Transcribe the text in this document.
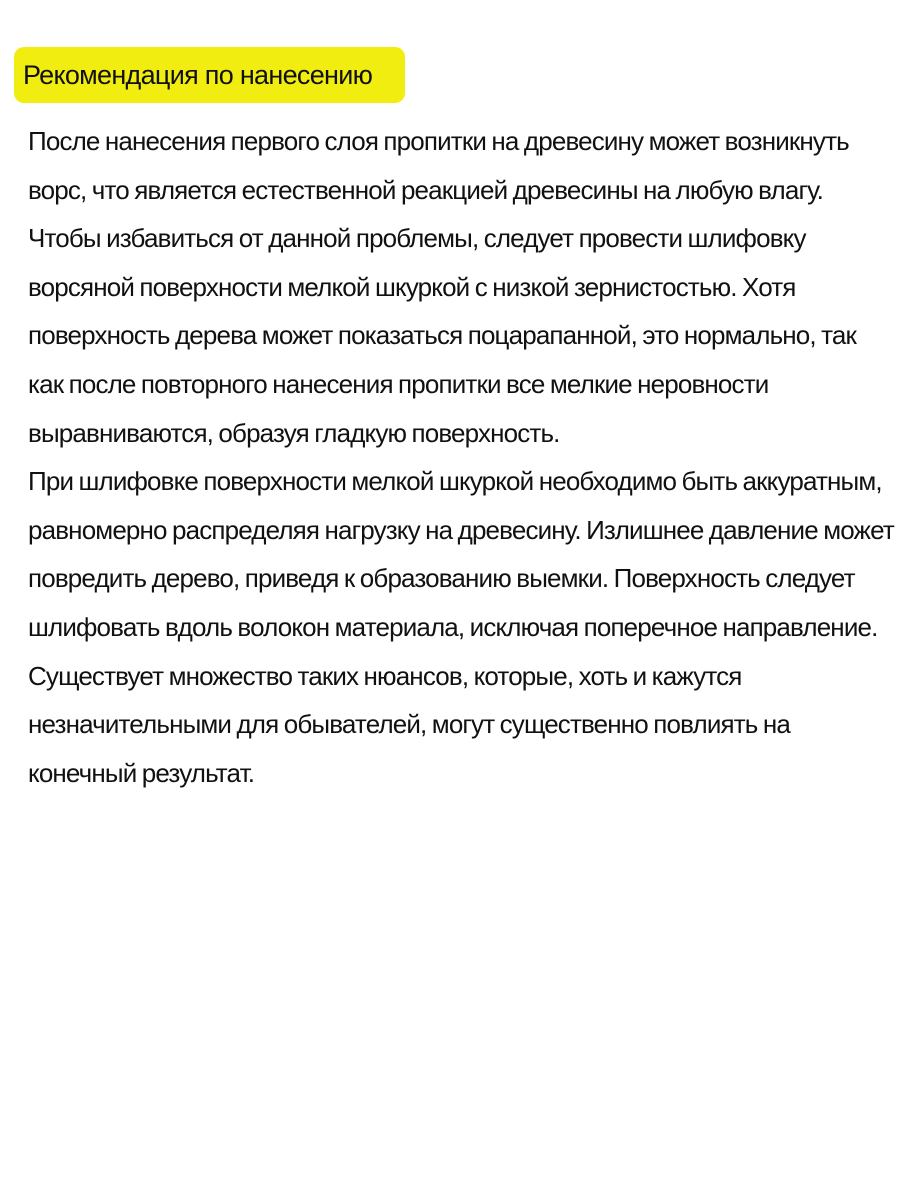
Рекомендация по нанесению
После нанесения первого слоя пропитки на древесину может возникнуть
ворс, что является естественной реакцией древесины на любую влагу.
Чтобы избавиться от данной проблемы, следует провести шлифовку
ворсяной поверхности мелкой шкуркой с низкой зернистостью. Хотя
поверхность дерева может показаться поцарапанной, это нормально, так
как после повторного нанесения пропитки все мелкие неровности
выравниваются, образуя гладкую поверхность.
При шлифовке поверхности мелкой шкуркой необходимо быть аккуратным,
равномерно распределяя нагрузку на древесину. Излишнее давление может
повредить дерево, приведя к образованию выемки. Поверхность следует
шлифовать вдоль волокон материала, исключая поперечное направление.
Существует множество таких нюансов, которые, хоть и кажутся
незначительными для обывателей, могут существенно повлиять на
конечный результат.
